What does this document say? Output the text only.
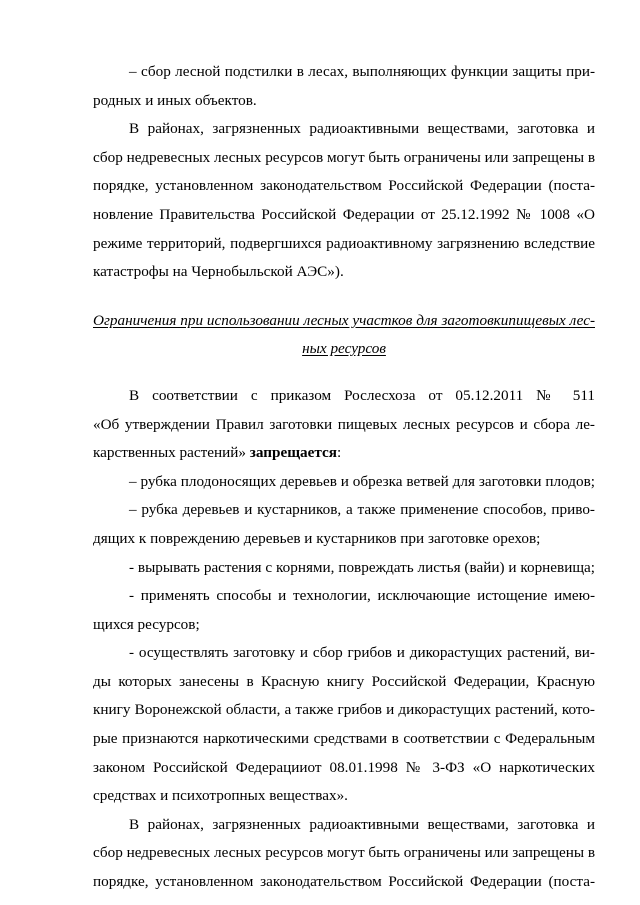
– сбор лесной подстилки в лесах, выполняющих функции защиты при-
родных и иных объектов.
В районах, загрязненных радиоактивными веществами, заготовка и
сбор недревесных лесных ресурсов могут быть ограничены или запрещены в
порядке, установленном законодательством Российской Федерации (поста-
новление Правительства Российской Федерации от 25.12.1992 № 1008 «О
режиме территорий, подвергшихся радиоактивному загрязнению вследствие
катастрофы на Чернобыльской АЭС»).
Ограничения при использовании лесных участков для заготовкипищевых лес-
ных ресурсов
В соответствии с приказом Рослесхоза от 05.12.2011 № 511
«Об утверждении Правил заготовки пищевых лесных ресурсов и сбора ле-
карственных растений» запрещается:
– рубка плодоносящих деревьев и обрезка ветвей для заготовки плодов;
– рубка деревьев и кустарников, а также применение способов, приво-
дящих к повреждению деревьев и кустарников при заготовке орехов;
- вырывать растения с корнями, повреждать листья (вайи) и корневища;
- применять способы и технологии, исключающие истощение имею-
щихся ресурсов;
- осуществлять заготовку и сбор грибов и дикорастущих растений, ви-
ды которых занесены в Красную книгу Российской Федерации, Красную
книгу Воронежской области, а также грибов и дикорастущих растений, кото-
рые признаются наркотическими средствами в соответствии с Федеральным
законом Российской Федерацииот 08.01.1998 № 3-ФЗ «О наркотических
средствах и психотропных веществах».
В районах, загрязненных радиоактивными веществами, заготовка и
сбор недревесных лесных ресурсов могут быть ограничены или запрещены в
порядке, установленном законодательством Российской Федерации (поста-
